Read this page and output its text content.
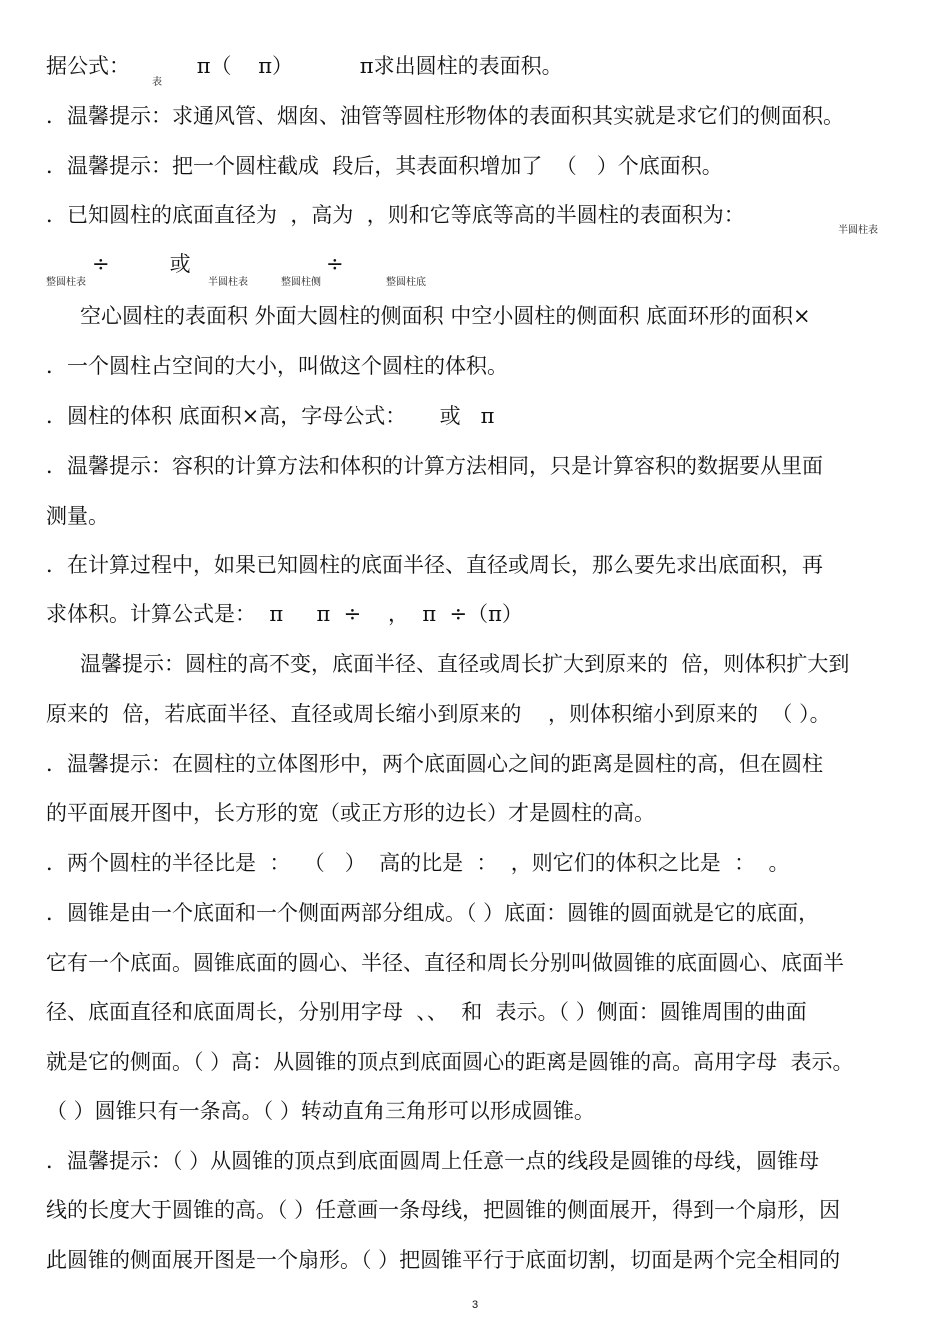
据公式：          π（    π）          π求出圆柱的表面积。
表
．温馨提示：求通风管、烟囱、油管等圆柱形物体的表面积其实就是求它们的侧面积。
．温馨提示：把一个圆柱截成  段后，其表面积增加了  （   ）个底面积。
．已知圆柱的底面直径为  ，高为  ，则和它等底等高的半圆柱的表面积为：
半圆柱表
÷         或	÷
整圆柱表	半圆柱表	整圆柱侧	整圆柱底
空心圆柱的表面积 外面大圆柱的侧面积 中空小圆柱的侧面积 底面环形的面积×
．一个圆柱占空间的大小，叫做这个圆柱的体积。
．圆柱的体积 底面积×高，字母公式：     或   π
．温馨提示：容积的计算方法和体积的计算方法相同，只是计算容积的数据要从里面
测量。
．在计算过程中，如果已知圆柱的底面半径、直径或周长，那么要先求出底面积，再
求体积。计算公式是：  π     π  ÷    ，  π  ÷（π）
温馨提示：圆柱的高不变，底面半径、直径或周长扩大到原来的  倍，则体积扩大到
原来的  倍，若底面半径、直径或周长缩小到原来的    ，则体积缩小到原来的  （ ）。
．温馨提示：在圆柱的立体图形中，两个底面圆心之间的距离是圆柱的高，但在圆柱
的平面展开图中，长方形的宽（或正方形的边长）才是圆柱的高。
．两个圆柱的半径比是  ：  （   ）  高的比是  ：  ，则它们的体积之比是  ：  。
．圆锥是由一个底面和一个侧面两部分组成。（ ）底面：圆锥的圆面就是它的底面，
它有一个底面。圆锥底面的圆心、半径、直径和周长分别叫做圆锥的底面圆心、底面半
径、底面直径和底面周长，分别用字母  、、  和  表示。（ ）侧面：圆锥周围的曲面
就是它的侧面。（ ）高：从圆锥的顶点到底面圆心的距离是圆锥的高。高用字母  表示。
（ ）圆锥只有一条高。（ ）转动直角三角形可以形成圆锥。
．温馨提示：（ ）从圆锥的顶点到底面圆周上任意一点的线段是圆锥的母线，圆锥母
线的长度大于圆锥的高。（ ）任意画一条母线，把圆锥的侧面展开，得到一个扇形，因
此圆锥的侧面展开图是一个扇形。（ ）把圆锥平行于底面切割，切面是两个完全相同的
3
